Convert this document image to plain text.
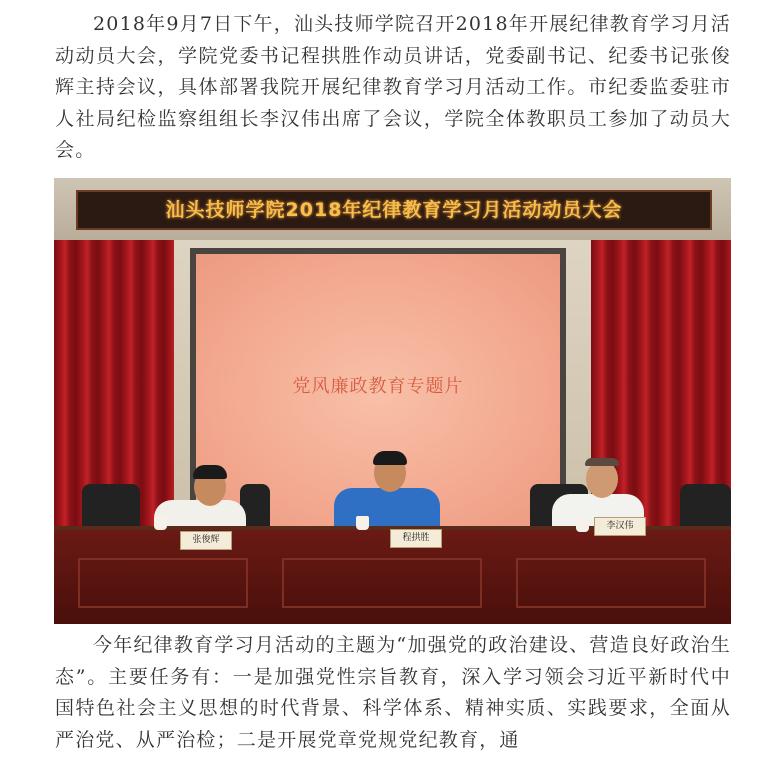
2018年9月7日下午，汕头技师学院召开2018年开展纪律教育学习月活动动员大会，学院党委书记程拱胜作动员讲话，党委副书记、纪委书记张俊辉主持会议，具体部署我院开展纪律教育学习月活动工作。市纪委监委驻市人社局纪检监察组组长李汉伟出席了会议，学院全体教职员工参加了动员大会。

汕头技师学院2018年纪律教育学习月活动动员大会
党风廉政教育专题片
张俊辉	程拱胜
李汉伟

今年纪律教育学习月活动的主题为“加强党的政治建设、营造良好政治生态”。主要任务有：一是加强党性宗旨教育，深入学习领会习近平新时代中国特色社会主义思想的时代背景、科学体系、精神实质、实践要求，全面从严治党、从严治检；二是开展党章党规党纪教育，通
